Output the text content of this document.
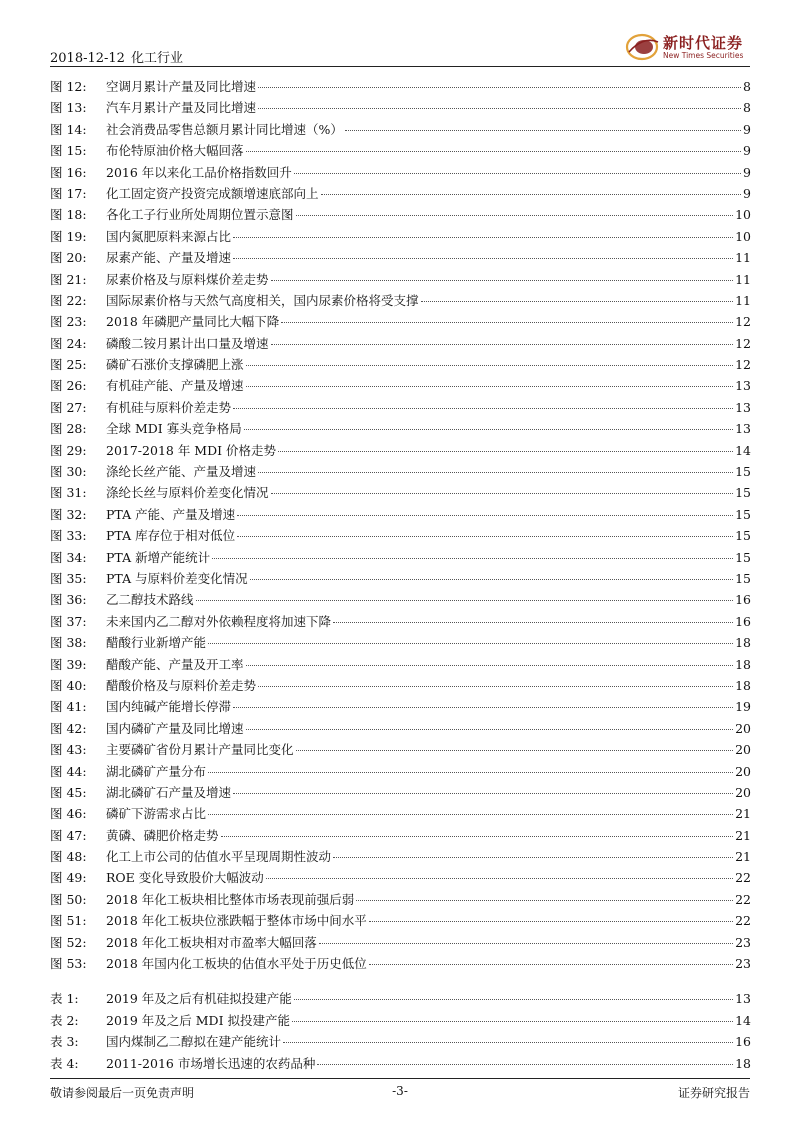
2018-12-12 化工行业
新时代证券
New Times Securities
图 12:	空调月累计产量及同比增速	8
图 13:	汽车月累计产量及同比增速	8
图 14:	社会消费品零售总额月累计同比增速（%）	9
图 15:	布伦特原油价格大幅回落	9
图 16:	2016 年以来化工品价格指数回升	9
图 17:	化工固定资产投资完成额增速底部向上	9
图 18:	各化工子行业所处周期位置示意图	10
图 19:	国内氮肥原料来源占比	10
图 20:	尿素产能、产量及增速	11
图 21:	尿素价格及与原料煤价差走势	11
图 22:	国际尿素价格与天然气高度相关，国内尿素价格将受支撑	11
图 23:	2018 年磷肥产量同比大幅下降	12
图 24:	磷酸二铵月累计出口量及增速	12
图 25:	磷矿石涨价支撑磷肥上涨	12
图 26:	有机硅产能、产量及增速	13
图 27:	有机硅与原料价差走势	13
图 28:	全球 MDI 寡头竞争格局	13
图 29:	2017-2018 年 MDI 价格走势	14
图 30:	涤纶长丝产能、产量及增速	15
图 31:	涤纶长丝与原料价差变化情况	15
图 32:	PTA 产能、产量及增速	15
图 33:	PTA 库存位于相对低位	15
图 34:	PTA 新增产能统计	15
图 35:	PTA 与原料价差变化情况	15
图 36:	乙二醇技术路线	16
图 37:	未来国内乙二醇对外依赖程度将加速下降	16
图 38:	醋酸行业新增产能	18
图 39:	醋酸产能、产量及开工率	18
图 40:	醋酸价格及与原料价差走势	18
图 41:	国内纯碱产能增长停滞	19
图 42:	国内磷矿产量及同比增速	20
图 43:	主要磷矿省份月累计产量同比变化	20
图 44:	湖北磷矿产量分布	20
图 45:	湖北磷矿石产量及增速	20
图 46:	磷矿下游需求占比	21
图 47:	黄磷、磷肥价格走势	21
图 48:	化工上市公司的估值水平呈现周期性波动	21
图 49:	ROE 变化导致股价大幅波动	22
图 50:	2018 年化工板块相比整体市场表现前强后弱	22
图 51:	2018 年化工板块位涨跌幅于整体市场中间水平	22
图 52:	2018 年化工板块相对市盈率大幅回落	23
图 53:	2018 年国内化工板块的估值水平处于历史低位	23
表 1:	2019 年及之后有机硅拟投建产能	13
表 2:	2019 年及之后 MDI 拟投建产能	14
表 3:	国内煤制乙二醇拟在建产能统计	16
表 4:	2011-2016 市场增长迅速的农药品种	18
敬请参阅最后一页免责声明	-3-	证券研究报告
